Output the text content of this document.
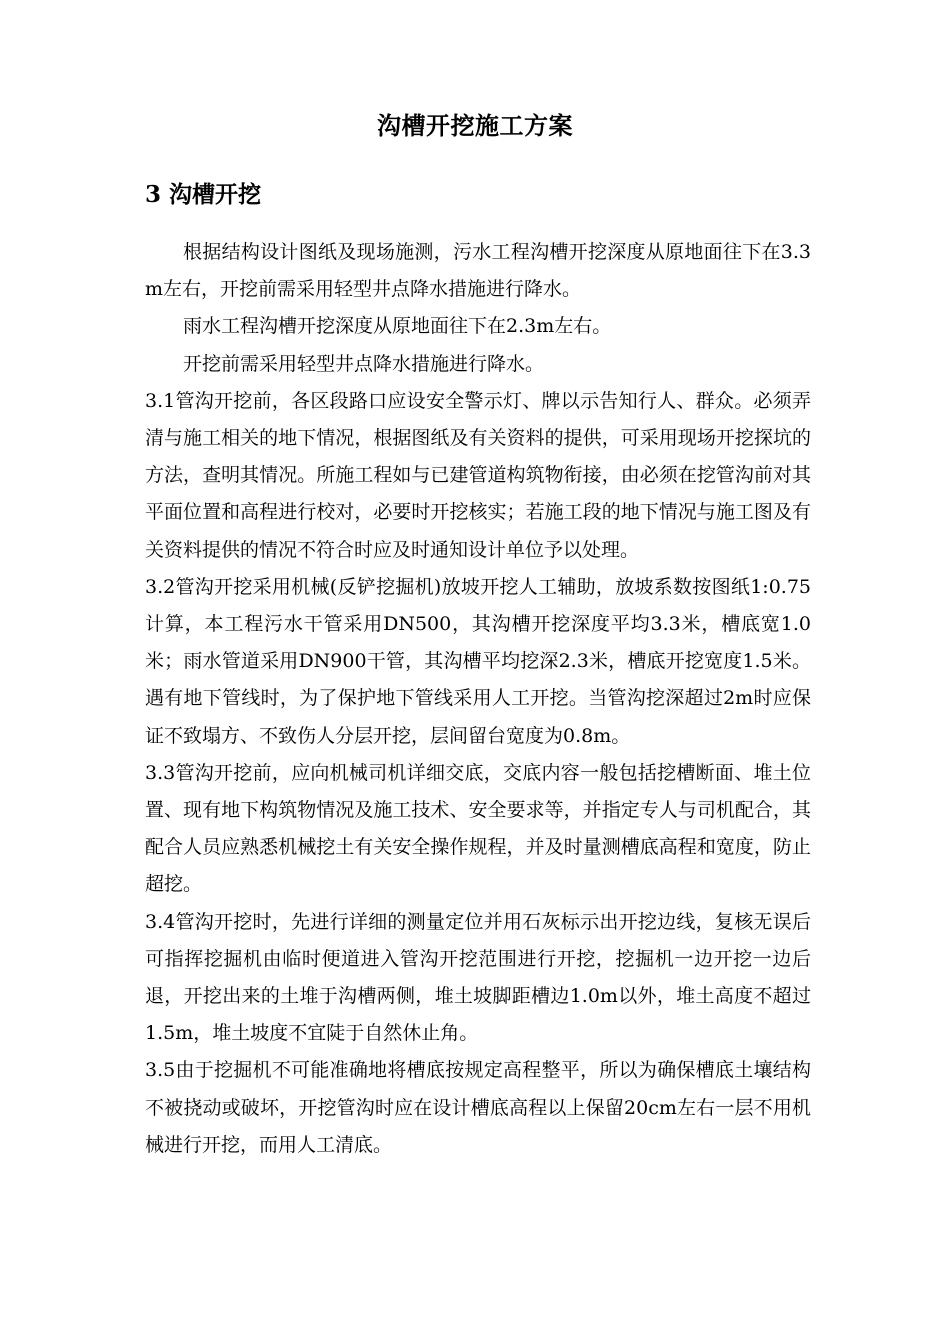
沟槽开挖施工方案
3 沟槽开挖

根据结构设计图纸及现场施测，污水工程沟槽开挖深度从原地面往下在3.3m左右，开挖前需采用轻型井点降水措施进行降水。

雨水工程沟槽开挖深度从原地面往下在2.3m左右。

开挖前需采用轻型井点降水措施进行降水。

3.1管沟开挖前，各区段路口应设安全警示灯、牌以示告知行人、群众。必须弄清与施工相关的地下情况，根据图纸及有关资料的提供，可采用现场开挖探坑的方法，查明其情况。所施工程如与已建管道构筑物衔接，由必须在挖管沟前对其平面位置和高程进行校对，必要时开挖核实；若施工段的地下情况与施工图及有关资料提供的情况不符合时应及时通知设计单位予以处理。

3.2管沟开挖采用机械(反铲挖掘机)放坡开挖人工辅助，放坡系数按图纸1:0.75计算，本工程污水干管采用DN500，其沟槽开挖深度平均3.3米，槽底宽1.0米；雨水管道采用DN900干管，其沟槽平均挖深2.3米，槽底开挖宽度1.5米。遇有地下管线时，为了保护地下管线采用人工开挖。当管沟挖深超过2m时应保证不致塌方、不致伤人分层开挖，层间留台宽度为0.8m。

3.3管沟开挖前，应向机械司机详细交底，交底内容一般包括挖槽断面、堆土位置、现有地下构筑物情况及施工技术、安全要求等，并指定专人与司机配合，其配合人员应熟悉机械挖土有关安全操作规程，并及时量测槽底高程和宽度，防止超挖。

3.4管沟开挖时，先进行详细的测量定位并用石灰标示出开挖边线，复核无误后可指挥挖掘机由临时便道进入管沟开挖范围进行开挖，挖掘机一边开挖一边后退，开挖出来的土堆于沟槽两侧，堆土坡脚距槽边1.0m以外，堆土高度不超过1.5m，堆土坡度不宜陡于自然休止角。

3.5由于挖掘机不可能准确地将槽底按规定高程整平，所以为确保槽底土壤结构不被挠动或破坏，开挖管沟时应在设计槽底高程以上保留20cm左右一层不用机械进行开挖，而用人工清底。
